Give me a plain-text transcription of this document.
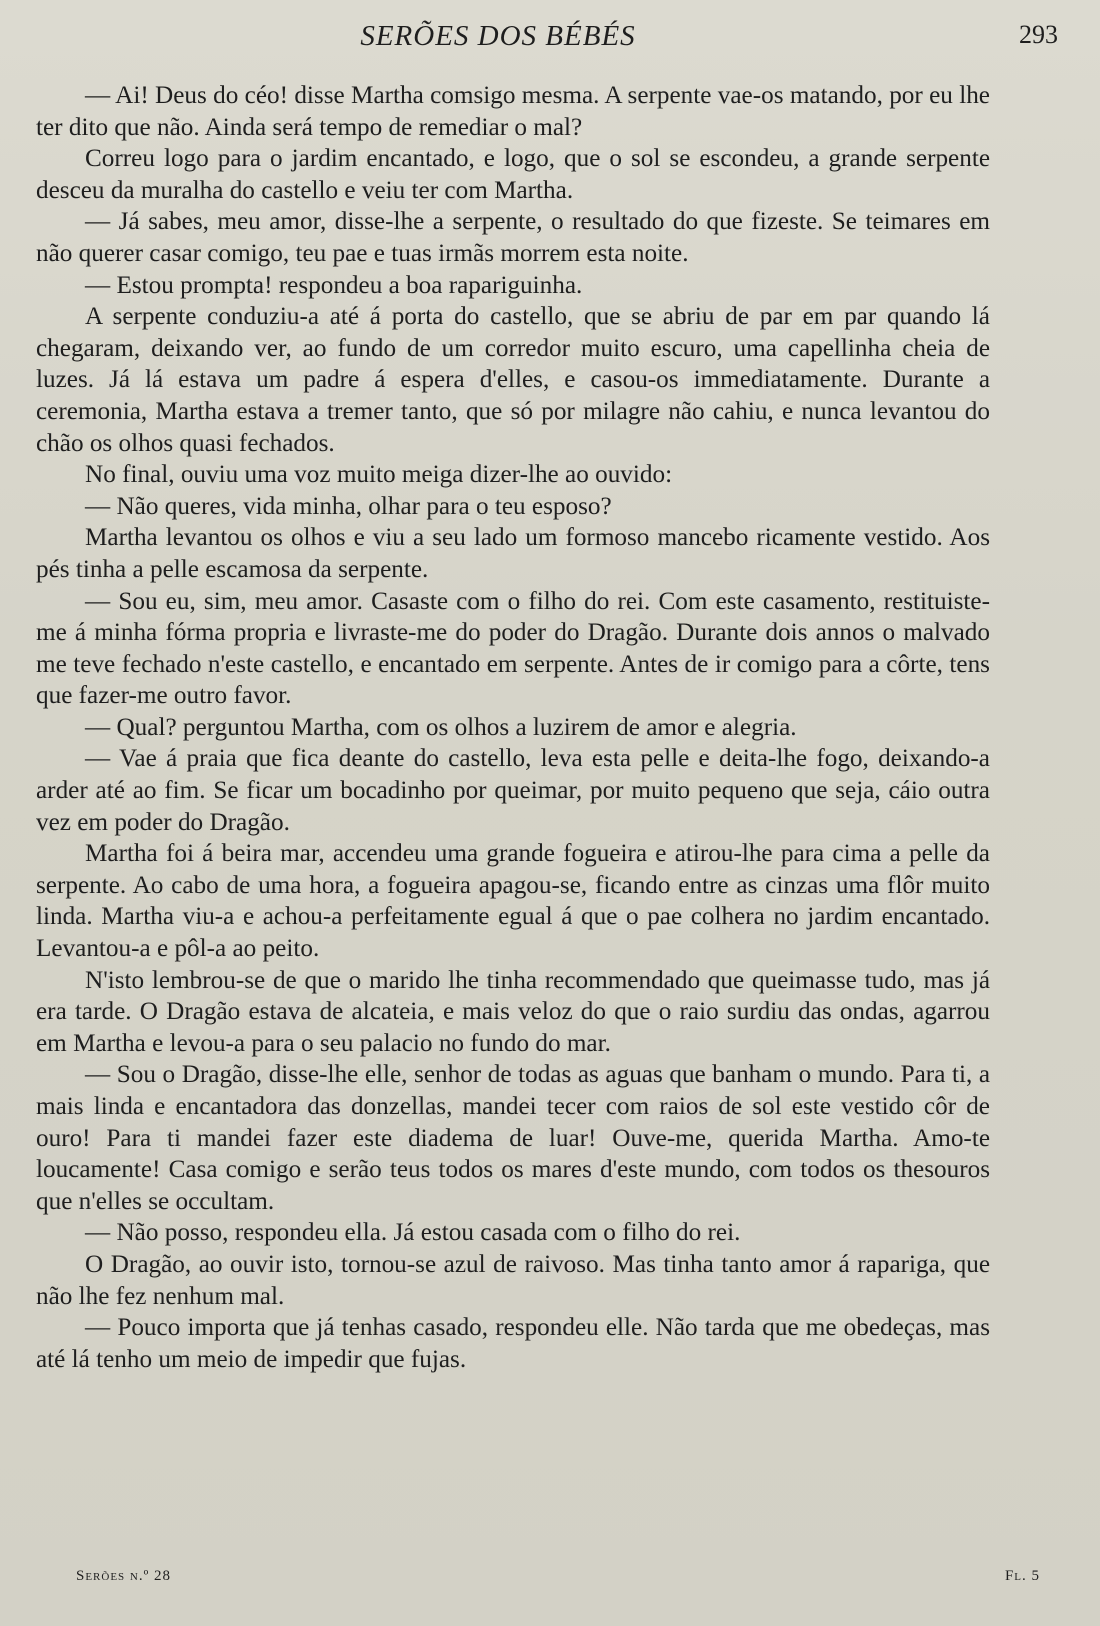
SERÕES DOS BÉBÉS	293

— Ai! Deus do céo! disse Martha comsigo mesma. A serpente vae-os matando, por eu lhe ter dito que não. Ainda será tempo de remediar o mal?

Correu logo para o jardim encantado, e logo, que o sol se escondeu, a grande serpente desceu da muralha do castello e veiu ter com Martha.

— Já sabes, meu amor, disse-lhe a serpente, o resultado do que fizeste. Se teimares em não querer casar comigo, teu pae e tuas irmãs morrem esta noite.

— Estou prompta! respondeu a boa rapariguinha.

A serpente conduziu-a até á porta do castello, que se abriu de par em par quando lá chegaram, deixando ver, ao fundo de um corredor muito escuro, uma capellinha cheia de luzes. Já lá estava um padre á espera d'elles, e casou-os immediatamente. Durante a ceremonia, Martha estava a tremer tanto, que só por milagre não cahiu, e nunca levantou do chão os olhos quasi fechados.

No final, ouviu uma voz muito meiga dizer-lhe ao ouvido:

— Não queres, vida minha, olhar para o teu esposo?

Martha levantou os olhos e viu a seu lado um formoso mancebo ricamente vestido. Aos pés tinha a pelle escamosa da serpente.

— Sou eu, sim, meu amor. Casaste com o filho do rei. Com este casamento, restituiste-me á minha fórma propria e livraste-me do poder do Dragão. Durante dois annos o malvado me teve fechado n'este castello, e encantado em serpente. Antes de ir comigo para a côrte, tens que fazer-me outro favor.

— Qual? perguntou Martha, com os olhos a luzirem de amor e alegria.

— Vae á praia que fica deante do castello, leva esta pelle e deita-lhe fogo, deixando-a arder até ao fim. Se ficar um bocadinho por queimar, por muito pequeno que seja, cáio outra vez em poder do Dragão.

Martha foi á beira mar, accendeu uma grande fogueira e atirou-lhe para cima a pelle da serpente. Ao cabo de uma hora, a fogueira apagou-se, ficando entre as cinzas uma flôr muito linda. Martha viu-a e achou-a perfeitamente egual á que o pae colhera no jardim encantado. Levantou-a e pôl-a ao peito.

N'isto lembrou-se de que o marido lhe tinha recommendado que queimasse tudo, mas já era tarde. O Dragão estava de alcateia, e mais veloz do que o raio surdiu das ondas, agarrou em Martha e levou-a para o seu palacio no fundo do mar.

— Sou o Dragão, disse-lhe elle, senhor de todas as aguas que banham o mundo. Para ti, a mais linda e encantadora das donzellas, mandei tecer com raios de sol este vestido côr de ouro! Para ti mandei fazer este diadema de luar! Ouve-me, querida Martha. Amo-te loucamente! Casa comigo e serão teus todos os mares d'este mundo, com todos os thesouros que n'elles se occultam.

— Não posso, respondeu ella. Já estou casada com o filho do rei.

O Dragão, ao ouvir isto, tornou-se azul de raivoso. Mas tinha tanto amor á rapariga, que não lhe fez nenhum mal.

— Pouco importa que já tenhas casado, respondeu elle. Não tarda que me obedeças, mas até lá tenho um meio de impedir que fujas.

Serões n.º 28	Fl. 5
